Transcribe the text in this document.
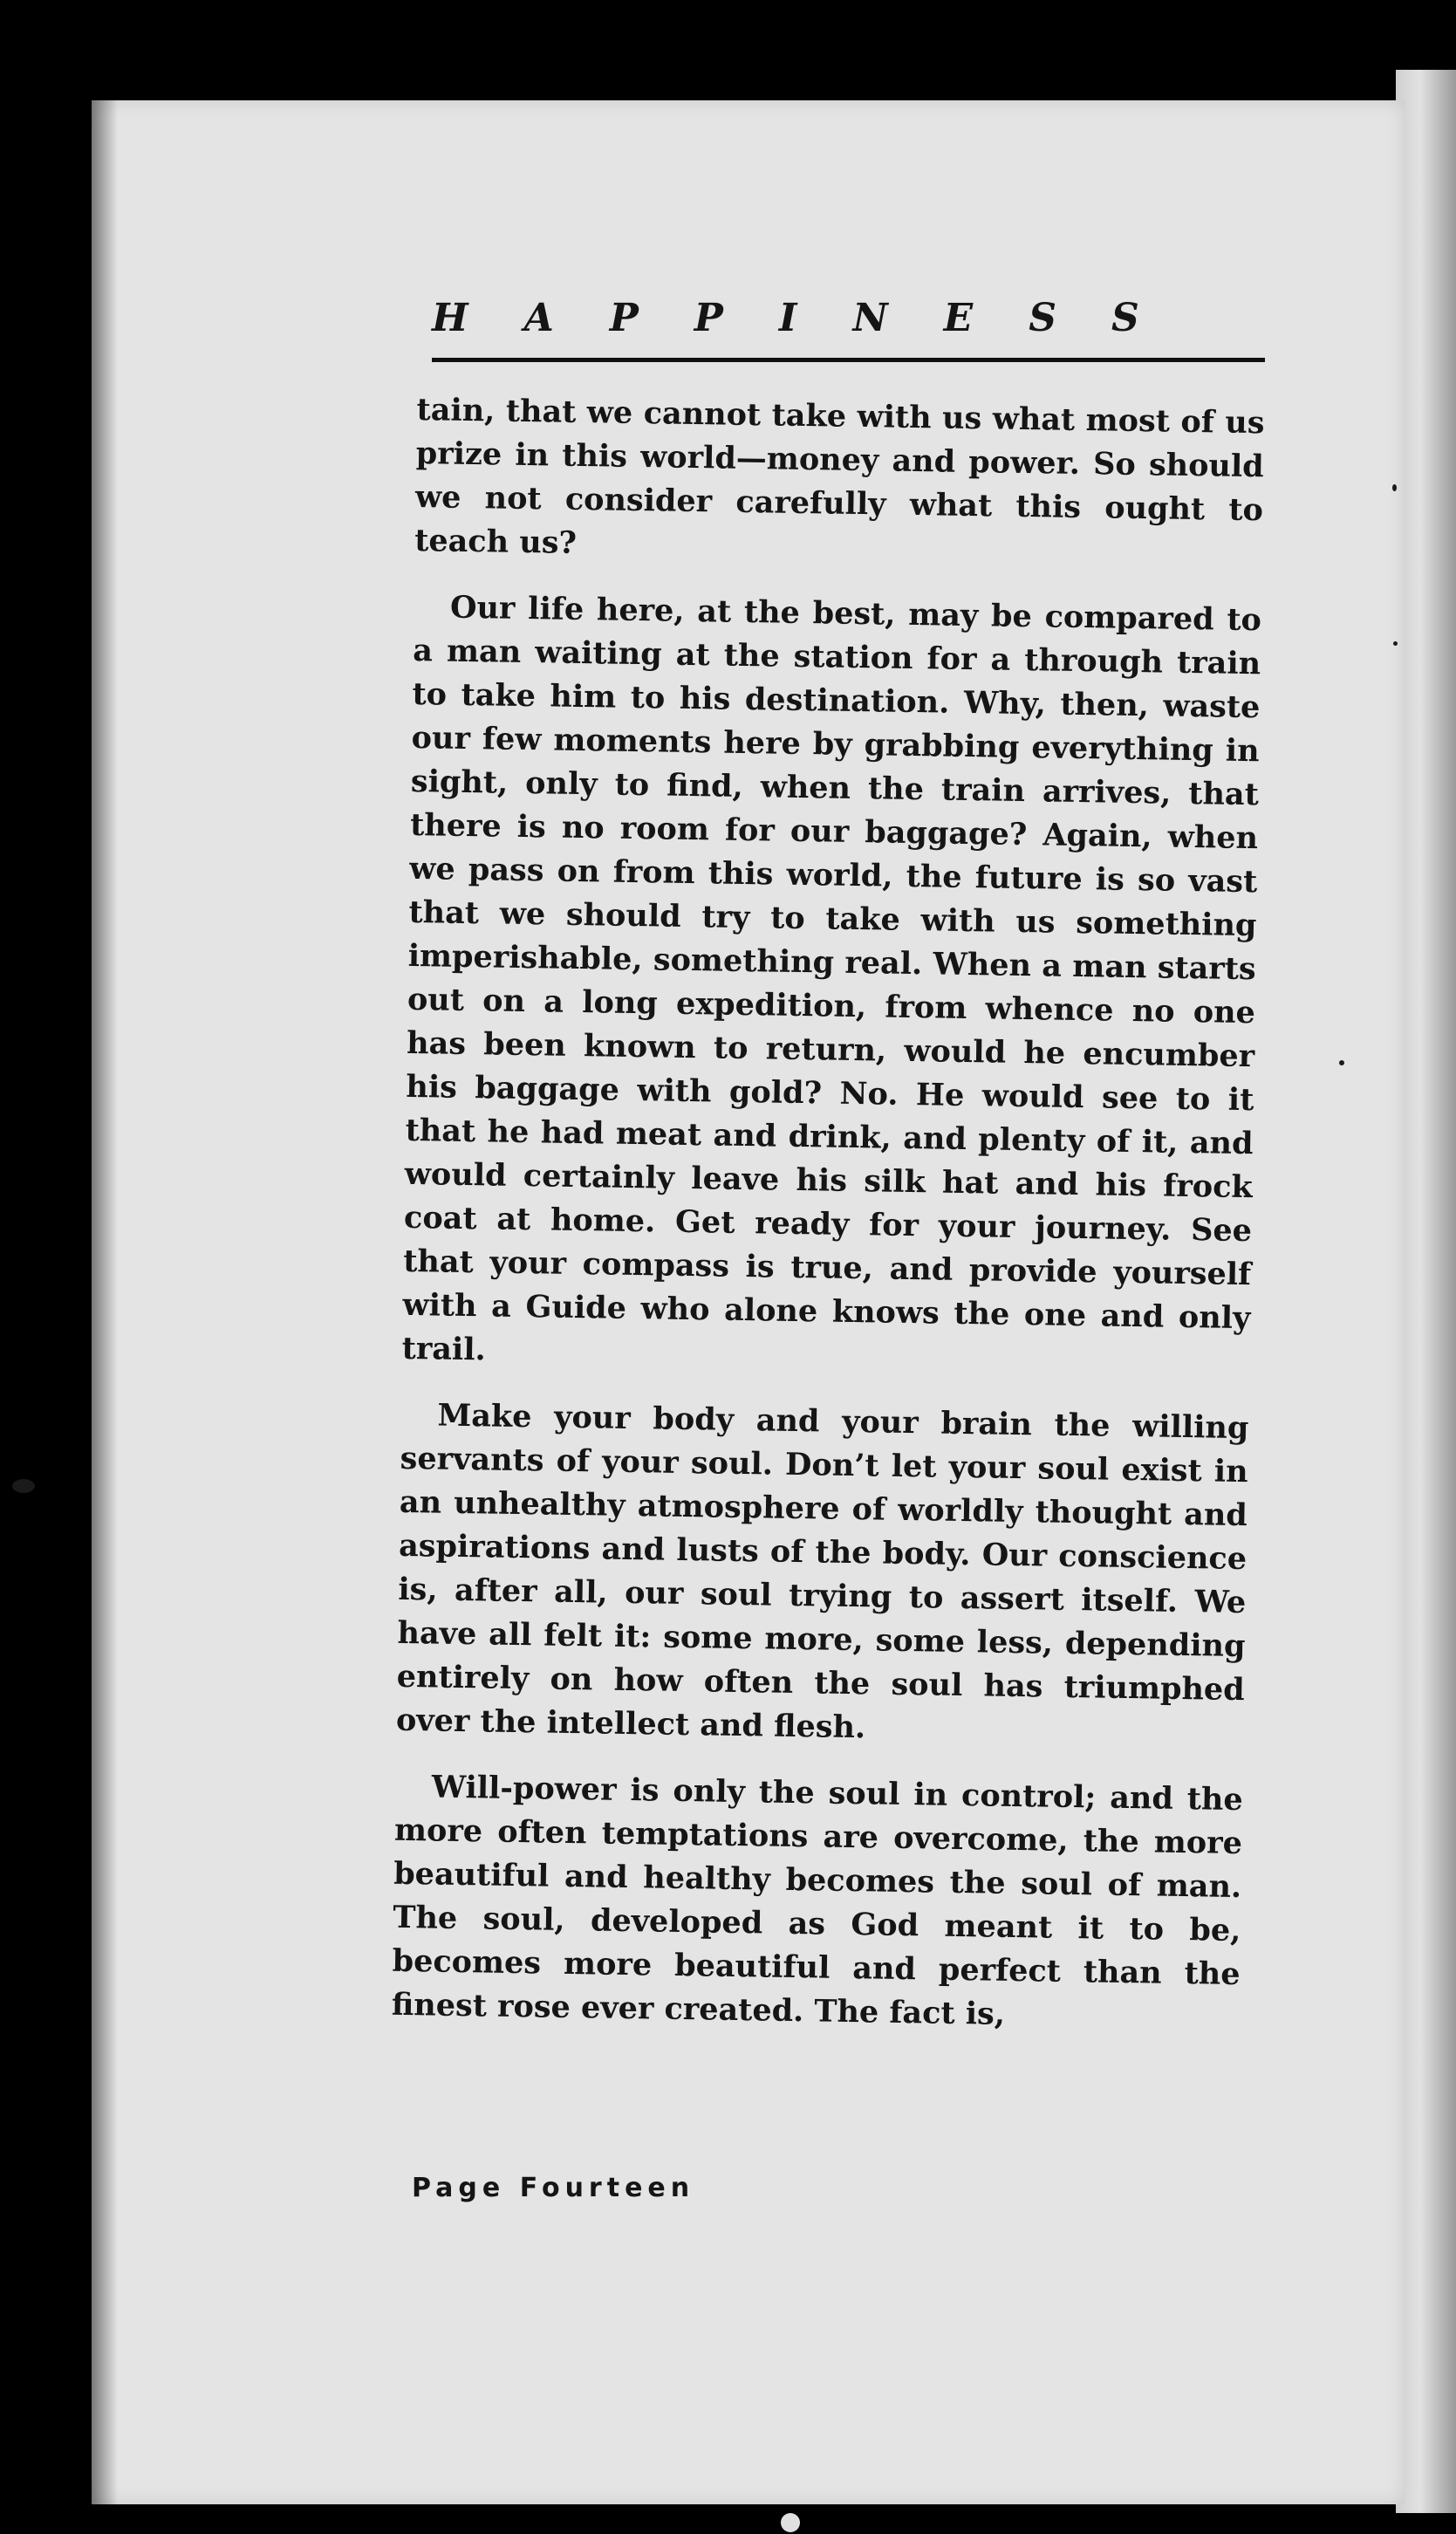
HAPPINESS

tain, that we cannot take with us what most of us prize in this world—money and power. So should we not consider carefully what this ought to teach us?

Our life here, at the best, may be compared to a man waiting at the station for a through train to take him to his destination. Why, then, waste our few moments here by grabbing everything in sight, only to find, when the train arrives, that there is no room for our baggage? Again, when we pass on from this world, the future is so vast that we should try to take with us something imperishable, something real. When a man starts out on a long expedition, from whence no one has been known to return, would he encumber his baggage with gold? No. He would see to it that he had meat and drink, and plenty of it, and would certainly leave his silk hat and his frock coat at home. Get ready for your journey. See that your compass is true, and provide yourself with a Guide who alone knows the one and only trail.

Make your body and your brain the willing servants of your soul. Don’t let your soul exist in an unhealthy atmosphere of worldly thought and aspirations and lusts of the body. Our conscience is, after all, our soul trying to assert itself. We have all felt it: some more, some less, depending entirely on how often the soul has triumphed over the intellect and flesh.

Will-power is only the soul in control; and the more often temptations are overcome, the more beautiful and healthy becomes the soul of man. The soul, developed as God meant it to be, becomes more beautiful and perfect than the finest rose ever created. The fact is,

Page Fourteen
